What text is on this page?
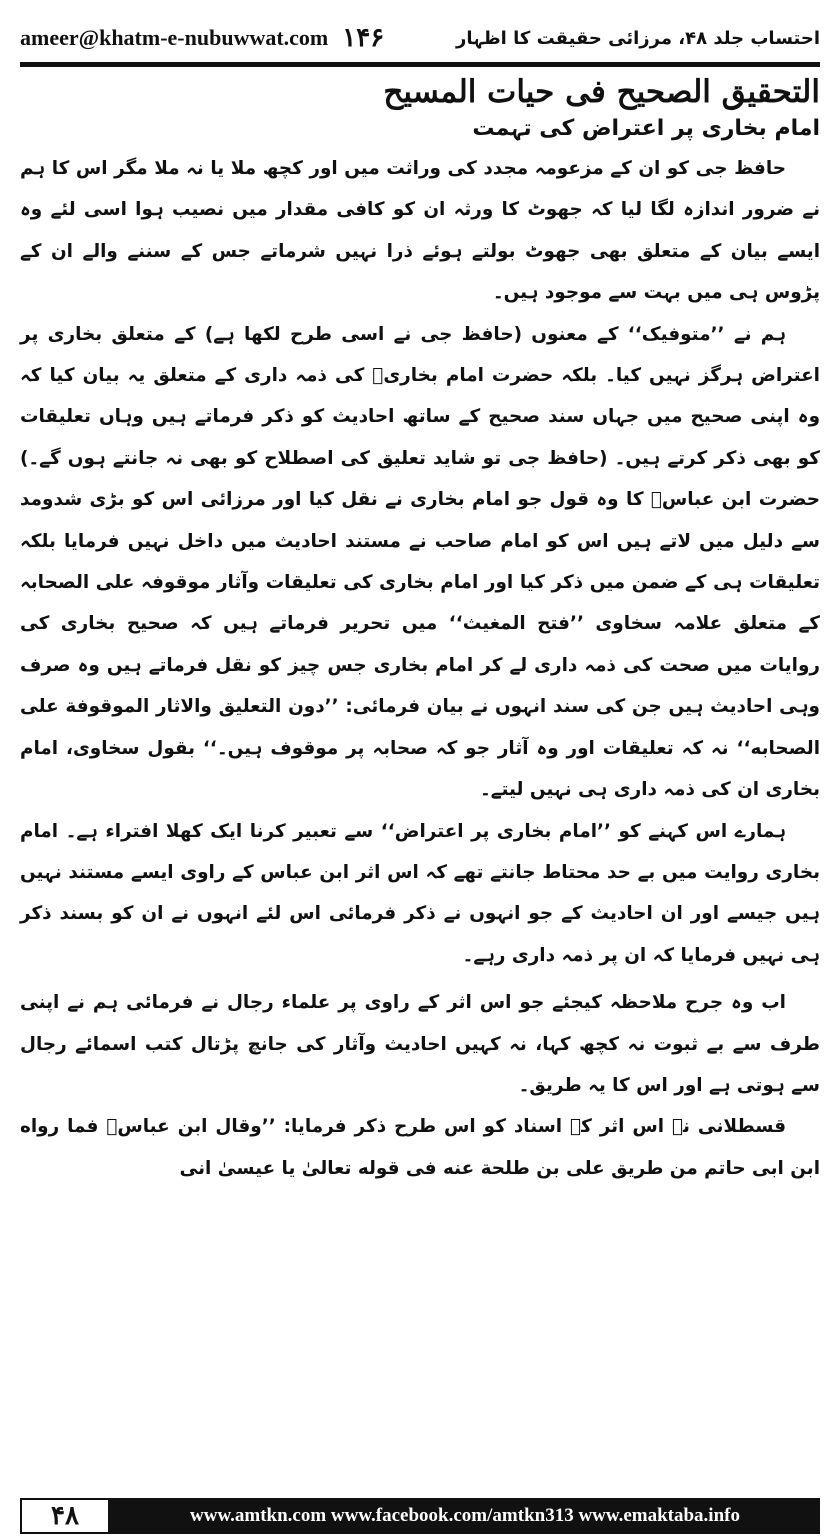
ameer@khatm-e-nubuwwat.com ۱۴۶	احتساب جلد ۴۸، مرزائی حقیقت کا اظہار
التحقیق الصحیح فی حیات المسیح
امام بخاری پر اعتراض کی تہمت

حافظ جی کو ان کے مزعومہ مجدد کی وراثت میں اور کچھ ملا یا نہ ملا مگر اس کا ہم نے ضرور اندازہ لگا لیا کہ جھوٹ کا ورثہ ان کو کافی مقدار میں نصیب ہوا اسی لئے وہ ایسے بیان کے متعلق بھی جھوٹ بولتے ہوئے ذرا نہیں شرماتے جس کے سننے والے ان کے پڑوس ہی میں بہت سے موجود ہیں۔

ہم نے ’’متوفیک‘‘ کے معنوں (حافظ جی نے اسی طرح لکھا ہے) کے متعلق بخاری پر اعتراض ہرگز نہیں کیا۔ بلکہ حضرت امام بخاریؒ کی ذمہ داری کے متعلق یہ بیان کیا کہ وہ اپنی صحیح میں جہاں سند صحیح کے ساتھ احادیث کو ذکر فرماتے ہیں وہاں تعلیقات کو بھی ذکر کرتے ہیں۔ (حافظ جی تو شاید تعلیق کی اصطلاح کو بھی نہ جانتے ہوں گے۔) حضرت ابن عباسؓ کا وہ قول جو امام بخاری نے نقل کیا اور مرزائی اس کو بڑی شدومد سے دلیل میں لاتے ہیں اس کو امام صاحب نے مستند احادیث میں داخل نہیں فرمایا بلکہ تعلیقات ہی کے ضمن میں ذکر کیا اور امام بخاری کی تعلیقات وآثار موقوفہ علی الصحابہ کے متعلق علامہ سخاوی ’’فتح المغیث‘‘ میں تحریر فرماتے ہیں کہ صحیح بخاری کی روایات میں صحت کی ذمہ داری لے کر امام بخاری جس چیز کو نقل فرماتے ہیں وہ صرف وہی احادیث ہیں جن کی سند انہوں نے بیان فرمائی: ’’دون التعلیق والاثار الموقوفة علی الصحابه‘‘ نہ کہ تعلیقات اور وہ آثار جو کہ صحابہ پر موقوف ہیں۔‘‘ بقول سخاوی، امام بخاری ان کی ذمہ داری ہی نہیں لیتے۔

ہمارے اس کہنے کو ’’امام بخاری پر اعتراض‘‘ سے تعبیر کرنا ایک کھلا افتراء ہے۔ امام بخاری روایت میں بے حد محتاط جانتے تھے کہ اس اثر ابن عباس کے راوی ایسے مستند نہیں ہیں جیسے اور ان احادیث کے جو انہوں نے ذکر فرمائی اس لئے انہوں نے ان کو بسند ذکر ہی نہیں فرمایا کہ ان پر ذمہ داری رہے۔

اب وہ جرح ملاحظہ کیجئے جو اس اثر کے راوی پر علماء رجال نے فرمائی ہم نے اپنی طرف سے بے ثبوت نہ کچھ کہا، نہ کہیں احادیث وآثار کی جانچ پڑتال کتب اسمائے رجال سے ہوتی ہے اور اس کا یہ طریق۔

قسطلانی نے اس اثر کے اسناد کو اس طرح ذکر فرمایا: ’’وقال ابن عباسؓ فما رواه ابن ابی حاتم من طریق علی بن طلحة عنه فی قوله تعالیٰ یا عیسیٰ انی

۴۸	www.amtkn.com www.facebook.com/amtkn313 www.emaktaba.info
